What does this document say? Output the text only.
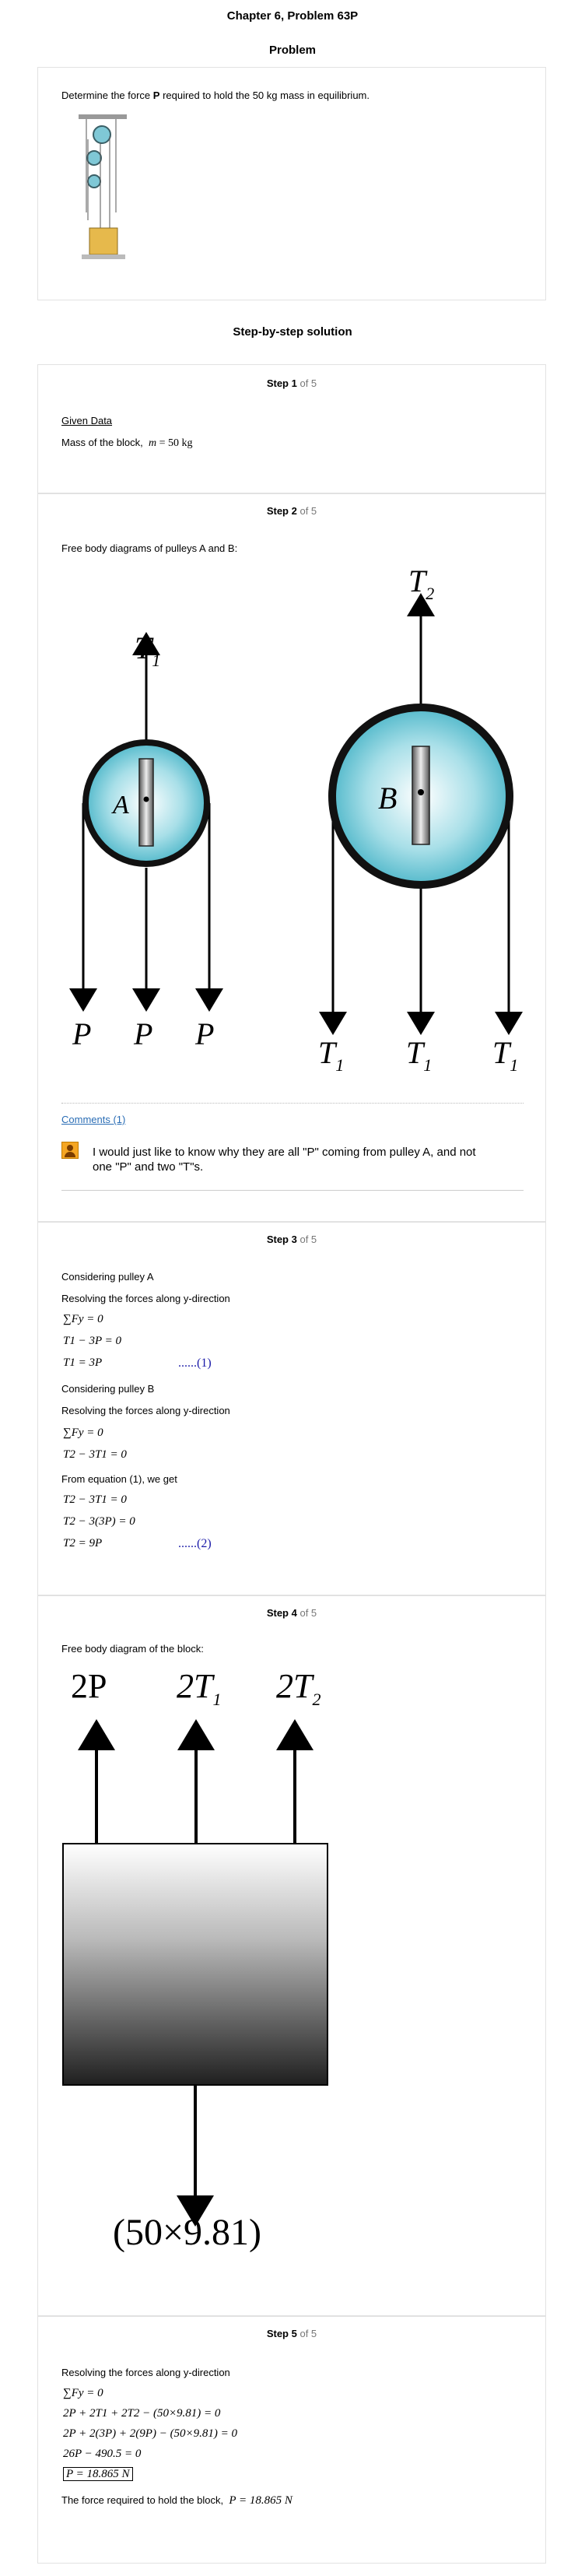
Chapter 6, Problem 63P
Problem
Determine the force P required to hold the 50 kg mass in equilibrium.
Step-by-step solution
Step 1 of 5
Given Data
Mass of the block, m = 50 kg
Step 2 of 5
Free body diagrams of pulleys A and B:
A	B
$T_1$
P P P
$T_2$
$T_1$ $T_1$ $T_1$
Comments (1)
I would just like to know why they are all "P" coming from pulley A, and not
one "P" and two "T"s.
Step 3 of 5
Considering pulley A
Resolving the forces along y-direction
∑Fy = 0
T1 − 3P = 0
T1 = 3P	......(1)
Considering pulley B
Resolving the forces along y-direction
∑Fy = 0
T2 − 3T1 = 0
From equation (1), we get
T2 − 3T1 = 0
T2 − 3(3P) = 0
T2 = 9P	......(2)
Step 4 of 5
Free body diagram of the block:
2P $2T_1$ $2T_2$
(50×9.81)
Step 5 of 5
Resolving the forces along y-direction
∑Fy = 0
2P + 2T1 + 2T2 − (50×9.81) = 0
2P + 2(3P) + 2(9P) − (50×9.81) = 0
26P − 490.5 = 0
P = 18.865 N
The force required to hold the block, P = 18.865 N
